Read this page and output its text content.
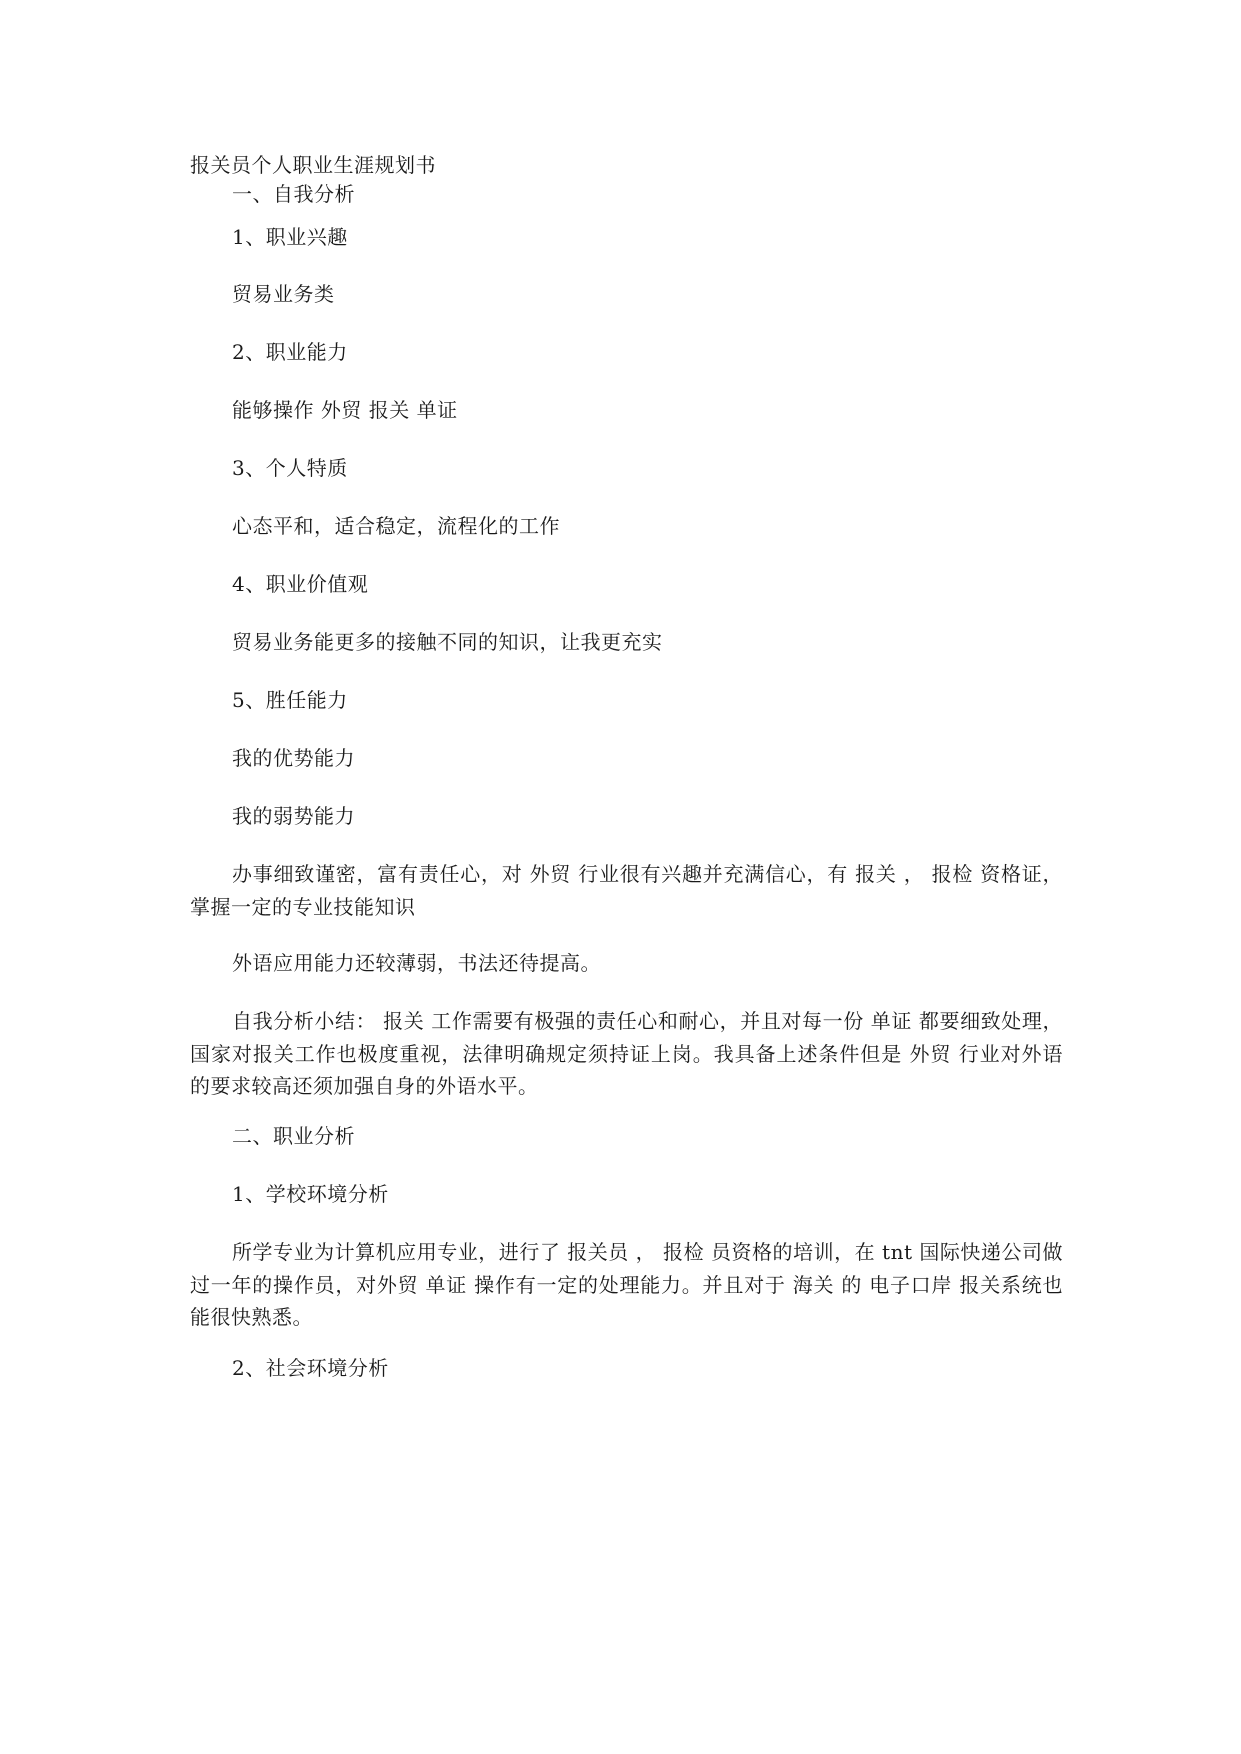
报关员个人职业生涯规划书
一、自我分析
1、职业兴趣
贸易业务类
2、职业能力
能够操作 外贸 报关 单证
3、个人特质
心态平和，适合稳定，流程化的工作
4、职业价值观
贸易业务能更多的接触不同的知识，让我更充实
5、胜任能力
我的优势能力
我的弱势能力
办事细致谨密，富有责任心，对 外贸 行业很有兴趣并充满信心，有 报关 ， 报检 资格证，掌握一定的专业技能知识
外语应用能力还较薄弱，书法还待提高。
自我分析小结： 报关 工作需要有极强的责任心和耐心，并且对每一份 单证 都要细致处理，国家对报关工作也极度重视，法律明确规定须持证上岗。我具备上述条件但是 外贸 行业对外语的要求较高还须加强自身的外语水平。
二、职业分析
1、学校环境分析
所学专业为计算机应用专业，进行了 报关员 ， 报检 员资格的培训，在 tnt 国际快递公司做过一年的操作员，对外贸 单证 操作有一定的处理能力。并且对于 海关 的 电子口岸 报关系统也能很快熟悉。
2、社会环境分析
